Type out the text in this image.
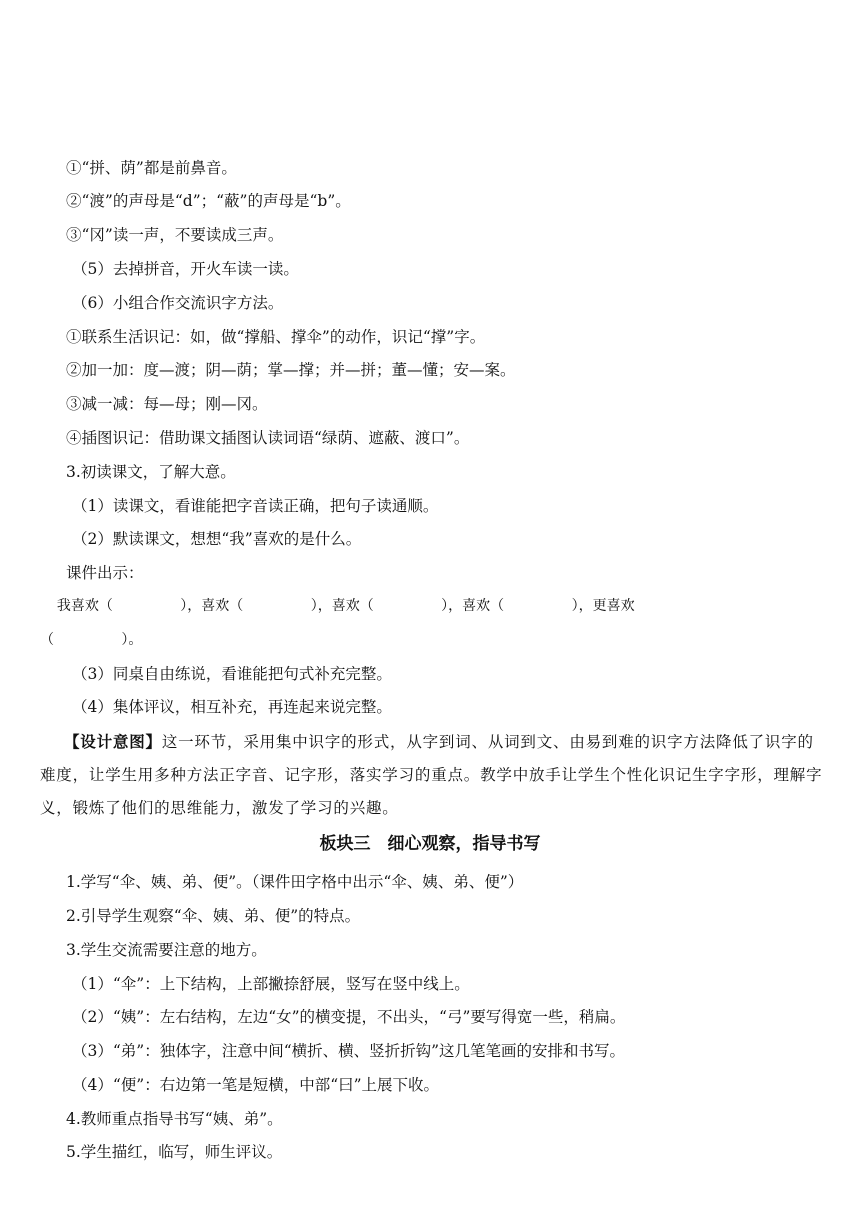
①“拼、荫”都是前鼻音。
②“渡”的声母是“d”；“蔽”的声母是“b”。
③“冈”读一声，不要读成三声。
（5）去掉拼音，开火车读一读。
（6）小组合作交流识字方法。
①联系生活识记：如，做“撑船、撑伞”的动作，识记“撑”字。
②加一加：度—渡；阴—荫；掌—撑；并—拼；董—懂；安—案。
③减一减：每—母；刚—冈。
④插图识记：借助课文插图认读词语“绿荫、遮蔽、渡口”。
3.初读课文，了解大意。
（1）读课文，看谁能把字音读正确，把句子读通顺。
（2）默读课文，想想“我”喜欢的是什么。
课件出示：
我喜欢（        ），喜欢（        ），喜欢（        ），喜欢（        ），更喜欢
（        ）。
（3）同桌自由练说，看谁能把句式补充完整。
（4）集体评议，相互补充，再连起来说完整。
【设计意图】这一环节，采用集中识字的形式，从字到词、从词到文、由易到难的识字方法降低了识字的难度，让学生用多种方法正字音、记字形，落实学习的重点。教学中放手让学生个性化识记生字字形，理解字义，锻炼了他们的思维能力，激发了学习的兴趣。
板块三　细心观察，指导书写
1.学写“伞、姨、弟、便”。（课件田字格中出示“伞、姨、弟、便”）
2.引导学生观察“伞、姨、弟、便”的特点。
3.学生交流需要注意的地方。
（1）“伞”：上下结构，上部撇捺舒展，竖写在竖中线上。
（2）“姨”：左右结构，左边“女”的横变提，不出头，“弓”要写得宽一些，稍扁。
（3）“弟”：独体字，注意中间“横折、横、竖折折钩”这几笔笔画的安排和书写。
（4）“便”：右边第一笔是短横，中部“曰”上展下收。
4.教师重点指导书写“姨、弟”。
5.学生描红，临写，师生评议。
